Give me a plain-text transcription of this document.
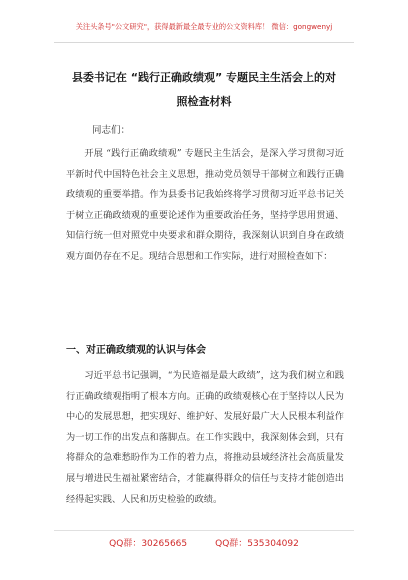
关注头条号"公文研究"，获得最新最全最专业的公文资料库！ 微信：gongwenyj
县委书记在 “践行正确政绩观” 专题民主生活会上的对
照检查材料
同志们：

开展 “践行正确政绩观” 专题民主生活会，是深入学习贯彻习近平新时代中国特色社会主义思想，推动党员领导干部树立和践行正确政绩观的重要举措。作为县委书记我始终将学习贯彻习近平总书记关于树立正确政绩观的重要论述作为重要政治任务，坚持学思用贯通、知信行统一但对照党中央要求和群众期待，我深刻认识到自身在政绩观方面仍存在不足。现结合思想和工作实际，进行对照检查如下：

一、对正确政绩观的认识与体会

习近平总书记强调，“为民造福是最大政绩”，这为我们树立和践行正确政绩观指明了根本方向。正确的政绩观核心在于坚持以人民为中心的发展思想，把实现好、维护好、发展好最广大人民根本利益作为一切工作的出发点和落脚点。在工作实践中，我深刻体会到，只有将群众的急难愁盼作为工作的着力点，将推动县域经济社会高质量发展与增进民生福祉紧密结合，才能赢得群众的信任与支持才能创造出经得起实践、人民和历史检验的政绩。

QQ群：30265665	QQ群：535304092
